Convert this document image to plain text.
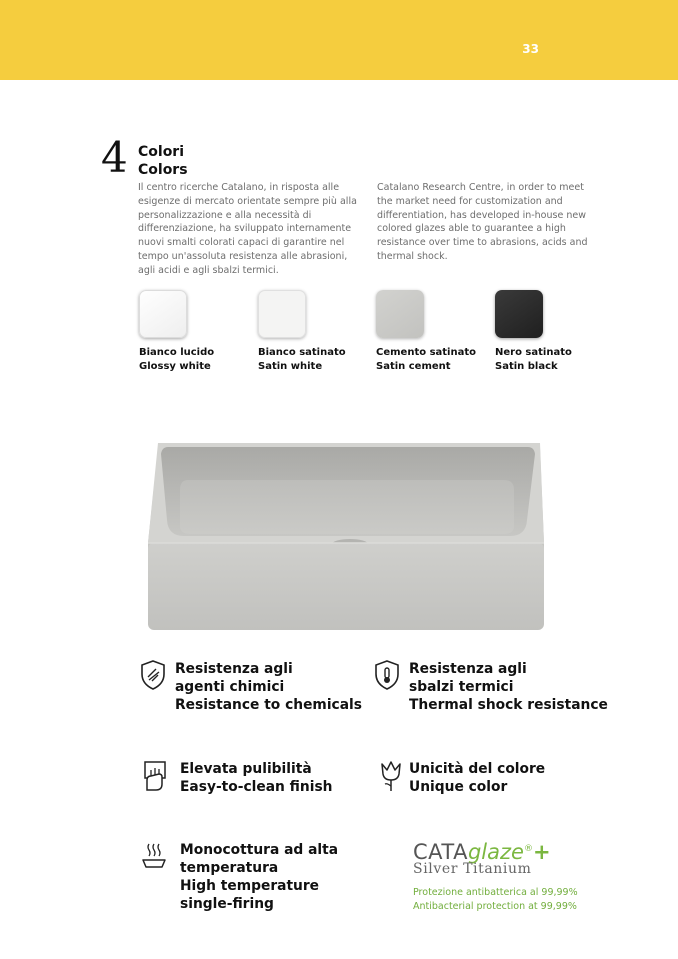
33
4 Colori
Colors
Il centro ricerche Catalano, in risposta alle esigenze di mercato orientate sempre più alla personalizzazione e alla necessità di differenziazione, ha sviluppato internamente nuovi smalti colorati capaci di garantire nel tempo un'assoluta resistenza alle abrasioni, agli acidi e agli sbalzi termici.
Catalano Research Centre, in order to meet the market need for customization and differentiation, has developed in-house new colored glazes able to guarantee a high resistance over time to abrasions, acids and thermal shock.
Bianco lucido
Glossy white
Bianco satinato
Satin white
Cemento satinato
Satin cement
Nero satinato
Satin black
Resistenza agli
agenti chimici
Resistance to chemicals
Resistenza agli
sbalzi termici
Thermal shock resistance
Elevata pulibilità
Easy-to-clean finish
Unicità del colore
Unique color
Monocottura ad alta
temperatura
High temperature
single-firing
CATAglaze®+
Silver Titanium
Protezione antibatterica al 99,99%
Antibacterial protection at 99,99%
